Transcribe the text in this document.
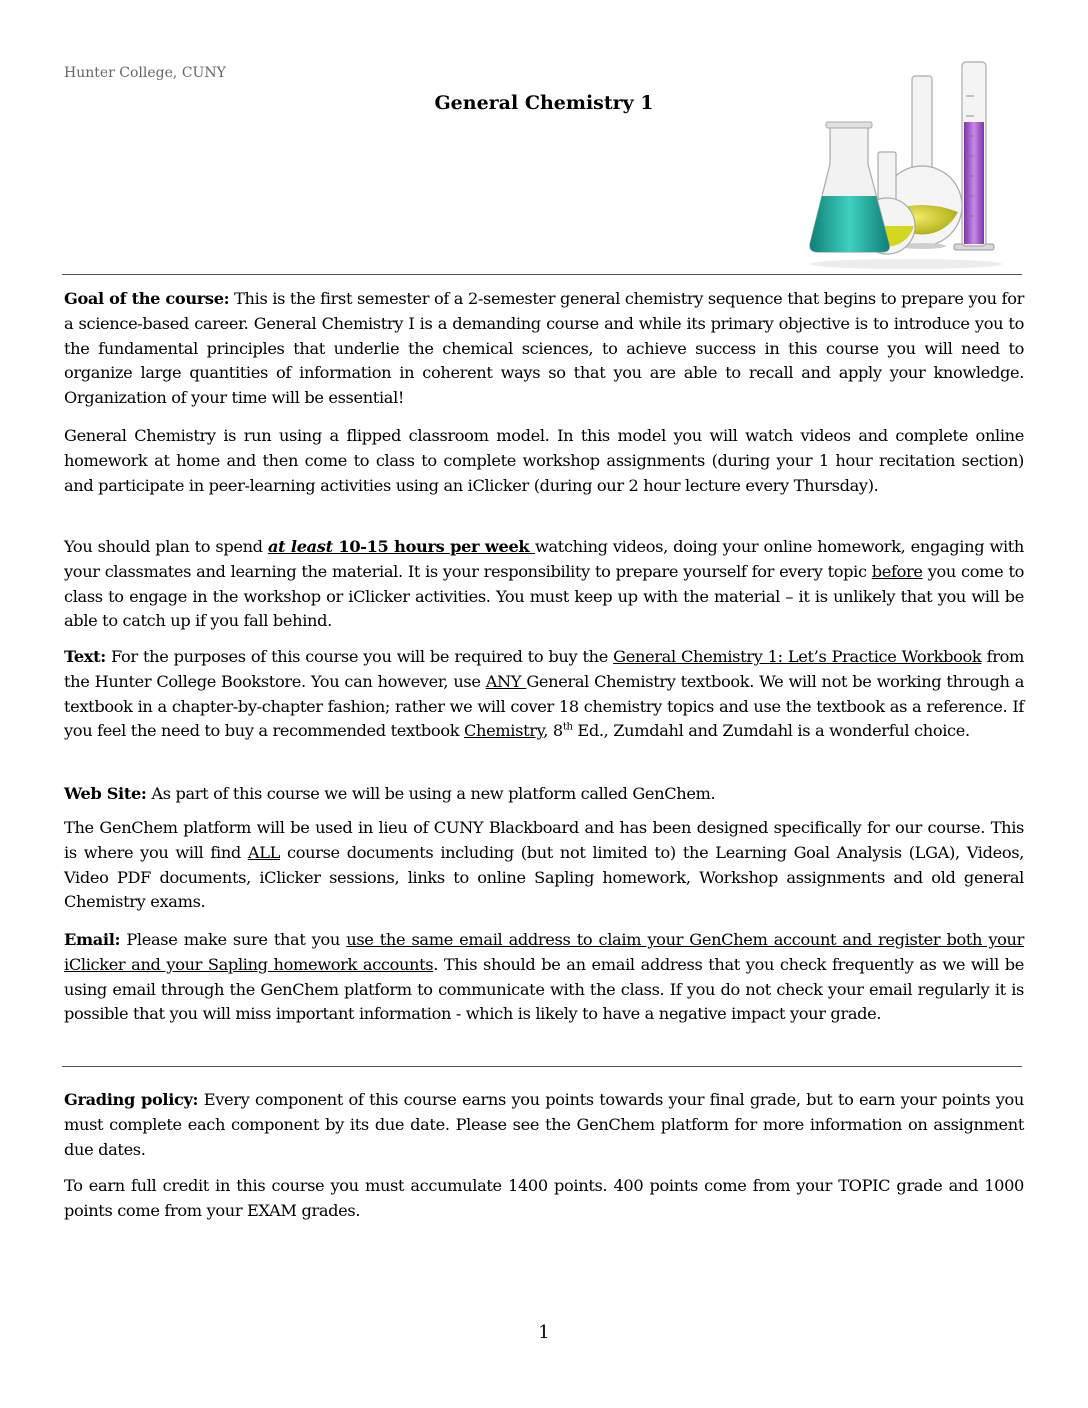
Hunter College, CUNY

General Chemistry 1

Goal of the course: This is the first semester of a 2-semester general chemistry sequence that begins to prepare you for a science-based career. General Chemistry I is a demanding course and while its primary objective is to introduce you to the fundamental principles that underlie the chemical sciences, to achieve success in this course you will need to organize large quantities of information in coherent ways so that you are able to recall and apply your knowledge. Organization of your time will be essential!

General Chemistry is run using a flipped classroom model. In this model you will watch videos and complete online homework at home and then come to class to complete workshop assignments (during your 1 hour recitation section) and participate in peer-learning activities using an iClicker (during our 2 hour lecture every Thursday).

You should plan to spend at least 10-15 hours per week watching videos, doing your online homework, engaging with your classmates and learning the material. It is your responsibility to prepare yourself for every topic before you come to class to engage in the workshop or iClicker activities. You must keep up with the material – it is unlikely that you will be able to catch up if you fall behind.

Text: For the purposes of this course you will be required to buy the General Chemistry 1: Let’s Practice Workbook from the Hunter College Bookstore. You can however, use ANY General Chemistry textbook. We will not be working through a textbook in a chapter-by-chapter fashion; rather we will cover 18 chemistry topics and use the textbook as a reference. If you feel the need to buy a recommended textbook Chemistry, 8th Ed., Zumdahl and Zumdahl is a wonderful choice.

Web Site: As part of this course we will be using a new platform called GenChem.

The GenChem platform will be used in lieu of CUNY Blackboard and has been designed specifically for our course. This is where you will find ALL course documents including (but not limited to) the Learning Goal Analysis (LGA), Videos, Video PDF documents, iClicker sessions, links to online Sapling homework, Workshop assignments and old general Chemistry exams.

Email: Please make sure that you use the same email address to claim your GenChem account and register both your iClicker and your Sapling homework accounts. This should be an email address that you check frequently as we will be using email through the GenChem platform to communicate with the class. If you do not check your email regularly it is possible that you will miss important information - which is likely to have a negative impact your grade.

Grading policy: Every component of this course earns you points towards your final grade, but to earn your points you must complete each component by its due date. Please see the GenChem platform for more information on assignment due dates.

To earn full credit in this course you must accumulate 1400 points. 400 points come from your TOPIC grade and 1000 points come from your EXAM grades.

1
